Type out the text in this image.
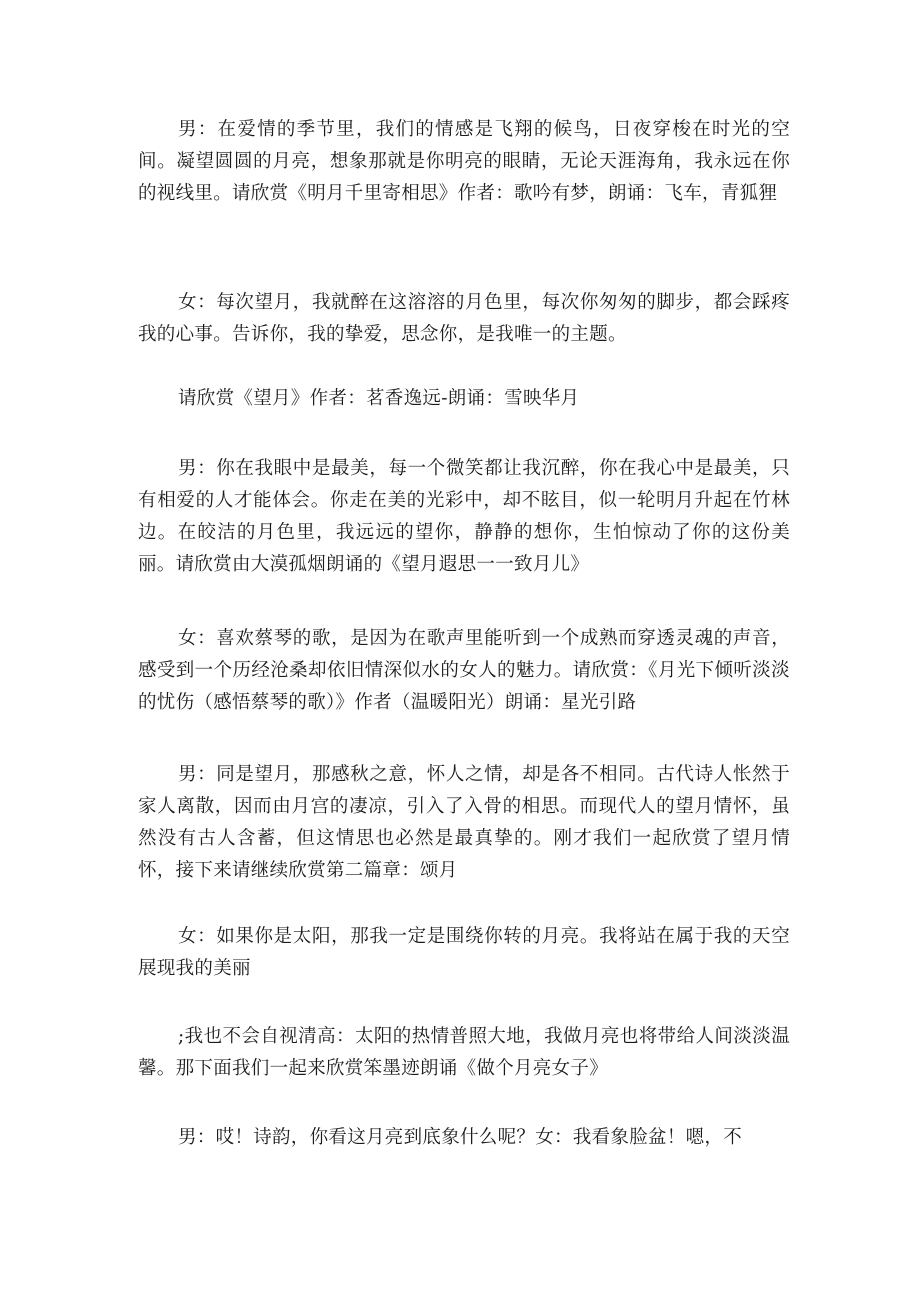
男：在爱情的季节里，我们的情感是飞翔的候鸟，日夜穿梭在时光的空间。凝望圆圆的月亮，想象那就是你明亮的眼睛，无论天涯海角，我永远在你的视线里。请欣赏《明月千里寄相思》作者：歌吟有梦，朗诵：飞车，青狐狸

女：每次望月，我就醉在这溶溶的月色里，每次你匆匆的脚步，都会踩疼我的心事。告诉你，我的挚爱，思念你，是我唯一的主题。

请欣赏《望月》作者：茗香逸远-朗诵：雪映华月

男：你在我眼中是最美，每一个微笑都让我沉醉，你在我心中是最美，只有相爱的人才能体会。你走在美的光彩中，却不眩目，似一轮明月升起在竹林边。在皎洁的月色里，我远远的望你，静静的想你，生怕惊动了你的这份美丽。请欣赏由大漠孤烟朗诵的《望月遐思一一致月儿》

女：喜欢蔡琴的歌，是因为在歌声里能听到一个成熟而穿透灵魂的声音，感受到一个历经沧桑却依旧情深似水的女人的魅力。请欣赏：《月光下倾听淡淡的忧伤（感悟蔡琴的歌）》作者（温暖阳光）朗诵：星光引路

男：同是望月，那感秋之意，怀人之情，却是各不相同。古代诗人怅然于家人离散，因而由月宫的凄凉，引入了入骨的相思。而现代人的望月情怀，虽然没有古人含蓄，但这情思也必然是最真挚的。刚才我们一起欣赏了望月情怀，接下来请继续欣赏第二篇章：颂月

女：如果你是太阳，那我一定是围绕你转的月亮。我将站在属于我的天空展现我的美丽

;我也不会自视清高：太阳的热情普照大地，我做月亮也将带给人间淡淡温馨。那下面我们一起来欣赏笨墨迹朗诵《做个月亮女子》

男：哎！诗韵，你看这月亮到底象什么呢？女：我看象脸盆！嗯，不
